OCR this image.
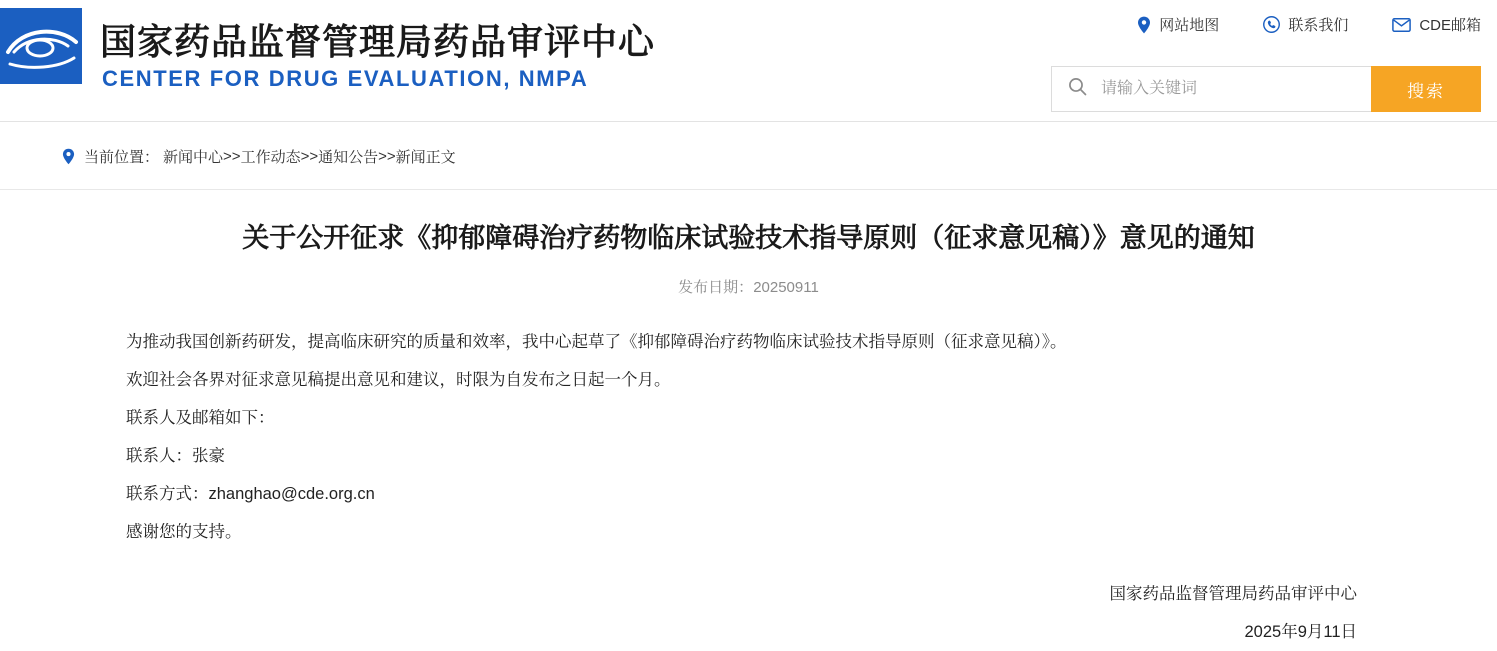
国家药品监督管理局药品审评中心
CENTER FOR DRUG EVALUATION, NMPA
网站地图	联系我们	CDE邮箱
请输入关键词
搜索
当前位置： 新闻中心 >> 工作动态 >> 通知公告 >> 新闻正文
关于公开征求《抑郁障碍治疗药物临床试验技术指导原则（征求意见稿）》意见的通知
发布日期：20250911

为推动我国创新药研发，提高临床研究的质量和效率，我中心起草了《抑郁障碍治疗药物临床试验技术指导原则（征求意见稿）》。

欢迎社会各界对征求意见稿提出意见和建议，时限为自发布之日起一个月。

联系人及邮箱如下：

联系人：张豪

联系方式：zhanghao@cde.org.cn

感谢您的支持。

国家药品监督管理局药品审评中心
2025年9月11日
